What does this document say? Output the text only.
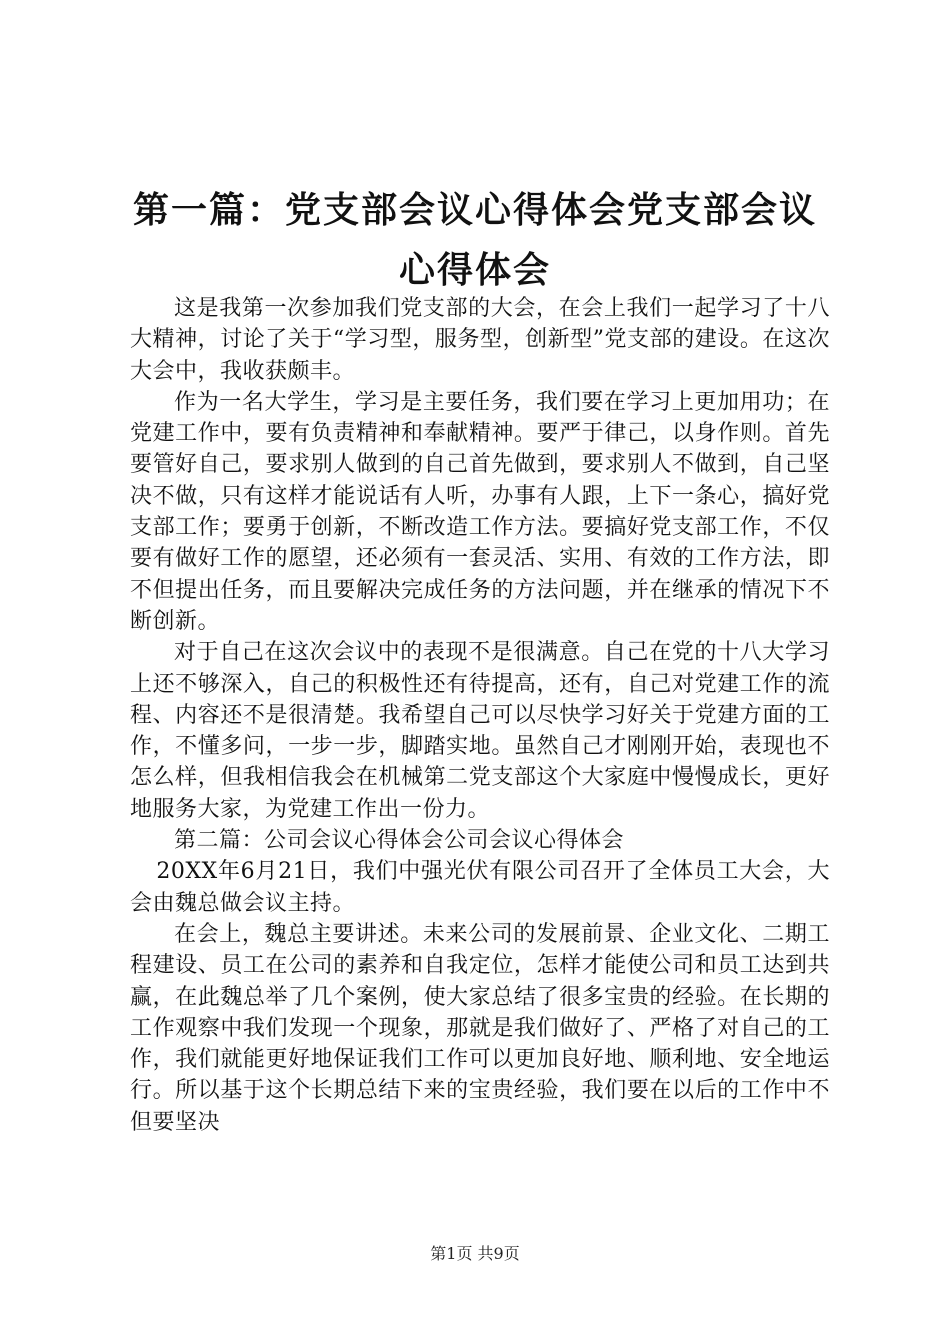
第一篇：党支部会议心得体会党支部会议心得体会

这是我第一次参加我们党支部的大会，在会上我们一起学习了十八大精神，讨论了关于“学习型，服务型，创新型”党支部的建设。在这次大会中，我收获颇丰。

作为一名大学生，学习是主要任务，我们要在学习上更加用功；在党建工作中，要有负责精神和奉献精神。要严于律己，以身作则。首先要管好自己，要求别人做到的自己首先做到，要求别人不做到，自己坚决不做，只有这样才能说话有人听，办事有人跟，上下一条心，搞好党支部工作；要勇于创新，不断改造工作方法。要搞好党支部工作，不仅要有做好工作的愿望，还必须有一套灵活、实用、有效的工作方法，即不但提出任务，而且要解决完成任务的方法问题，并在继承的情况下不断创新。

对于自己在这次会议中的表现不是很满意。自己在党的十八大学习上还不够深入，自己的积极性还有待提高，还有，自己对党建工作的流程、内容还不是很清楚。我希望自己可以尽快学习好关于党建方面的工作，不懂多问，一步一步，脚踏实地。虽然自己才刚刚开始，表现也不怎么样，但我相信我会在机械第二党支部这个大家庭中慢慢成长，更好地服务大家，为党建工作出一份力。

第二篇：公司会议心得体会公司会议心得体会

20XX年6月21日，我们中强光伏有限公司召开了全体员工大会，大会由魏总做会议主持。

在会上，魏总主要讲述。未来公司的发展前景、企业文化、二期工程建设、员工在公司的素养和自我定位，怎样才能使公司和员工达到共赢，在此魏总举了几个案例，使大家总结了很多宝贵的经验。在长期的工作观察中我们发现一个现象，那就是我们做好了、严格了对自己的工作，我们就能更好地保证我们工作可以更加良好地、顺利地、安全地运行。所以基于这个长期总结下来的宝贵经验，我们要在以后的工作中不但要坚决

第1页 共9页
